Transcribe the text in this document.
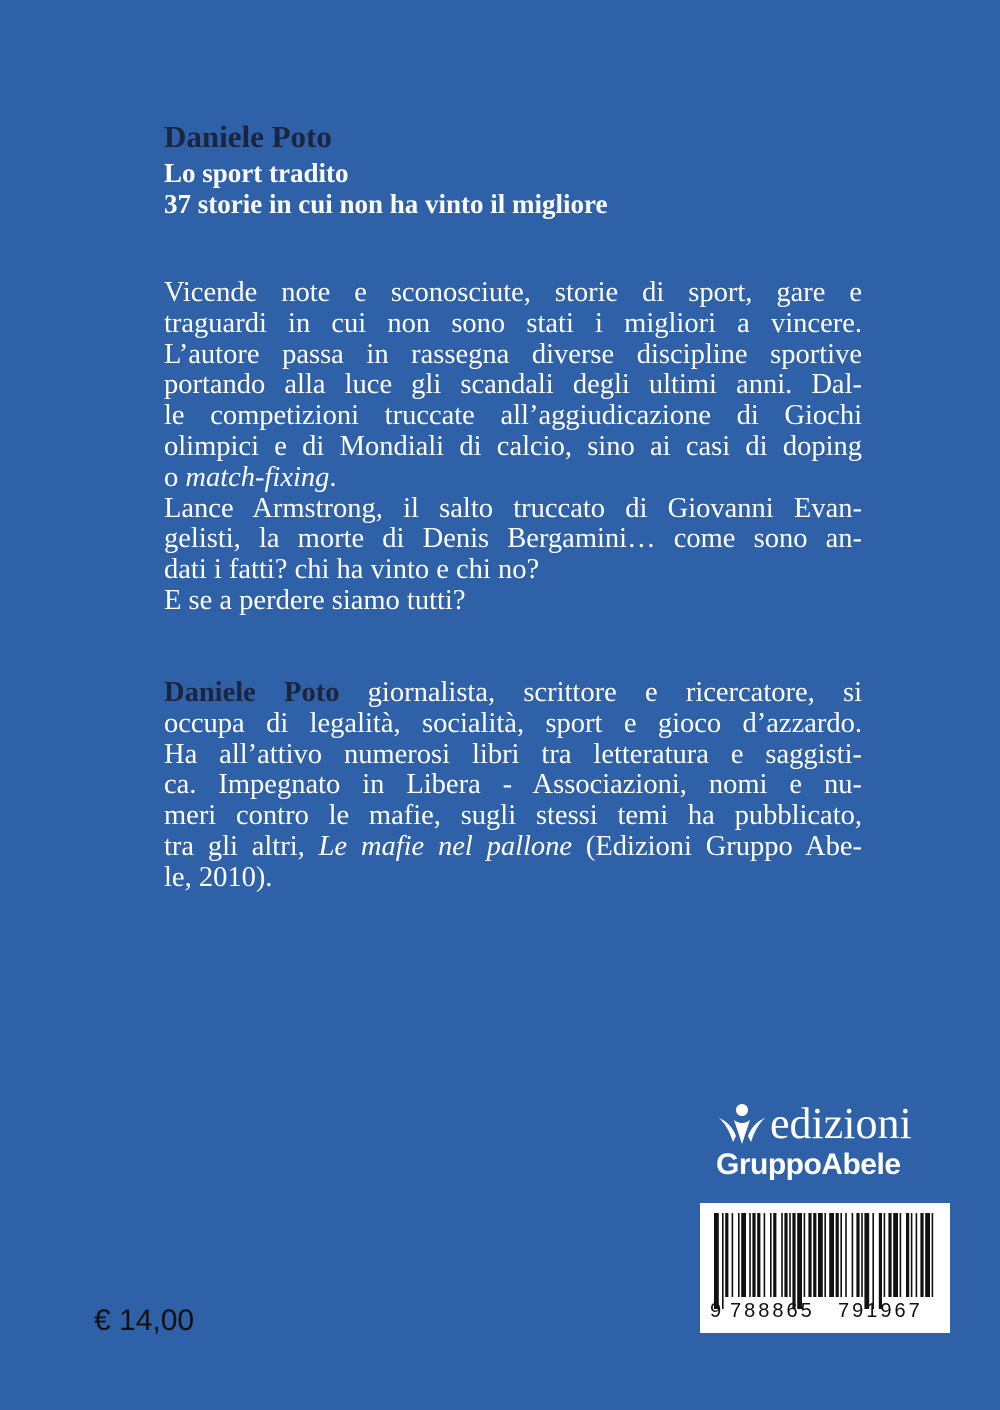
Daniele Poto

Lo sport tradito

37 storie in cui non ha vinto il migliore

Vicende note e sconosciute, storie di sport, gare e
traguardi in cui non sono stati i migliori a vincere.
L’autore passa in rassegna diverse discipline sportive
portando alla luce gli scandali degli ultimi anni. Dal-
le competizioni truccate all’aggiudicazione di Giochi
olimpici e di Mondiali di calcio, sino ai casi di doping
o match-fixing.
Lance Armstrong, il salto truccato di Giovanni Evan-
gelisti, la morte di Denis Bergamini… come sono an-
dati i fatti? chi ha vinto e chi no?
E se a perdere siamo tutti?
Daniele Poto giornalista, scrittore e ricercatore, si
occupa di legalità, socialità, sport e gioco d’azzardo.
Ha all’attivo numerosi libri tra letteratura e saggisti-
ca. Impegnato in Libera - Associazioni, nomi e nu-
meri contro le mafie, sugli stessi temi ha pubblicato,
tra gli altri, Le mafie nel pallone (Edizioni Gruppo Abe-
le, 2010).
edizioni
GruppoAbele
9 788865 791967
€ 14,00
